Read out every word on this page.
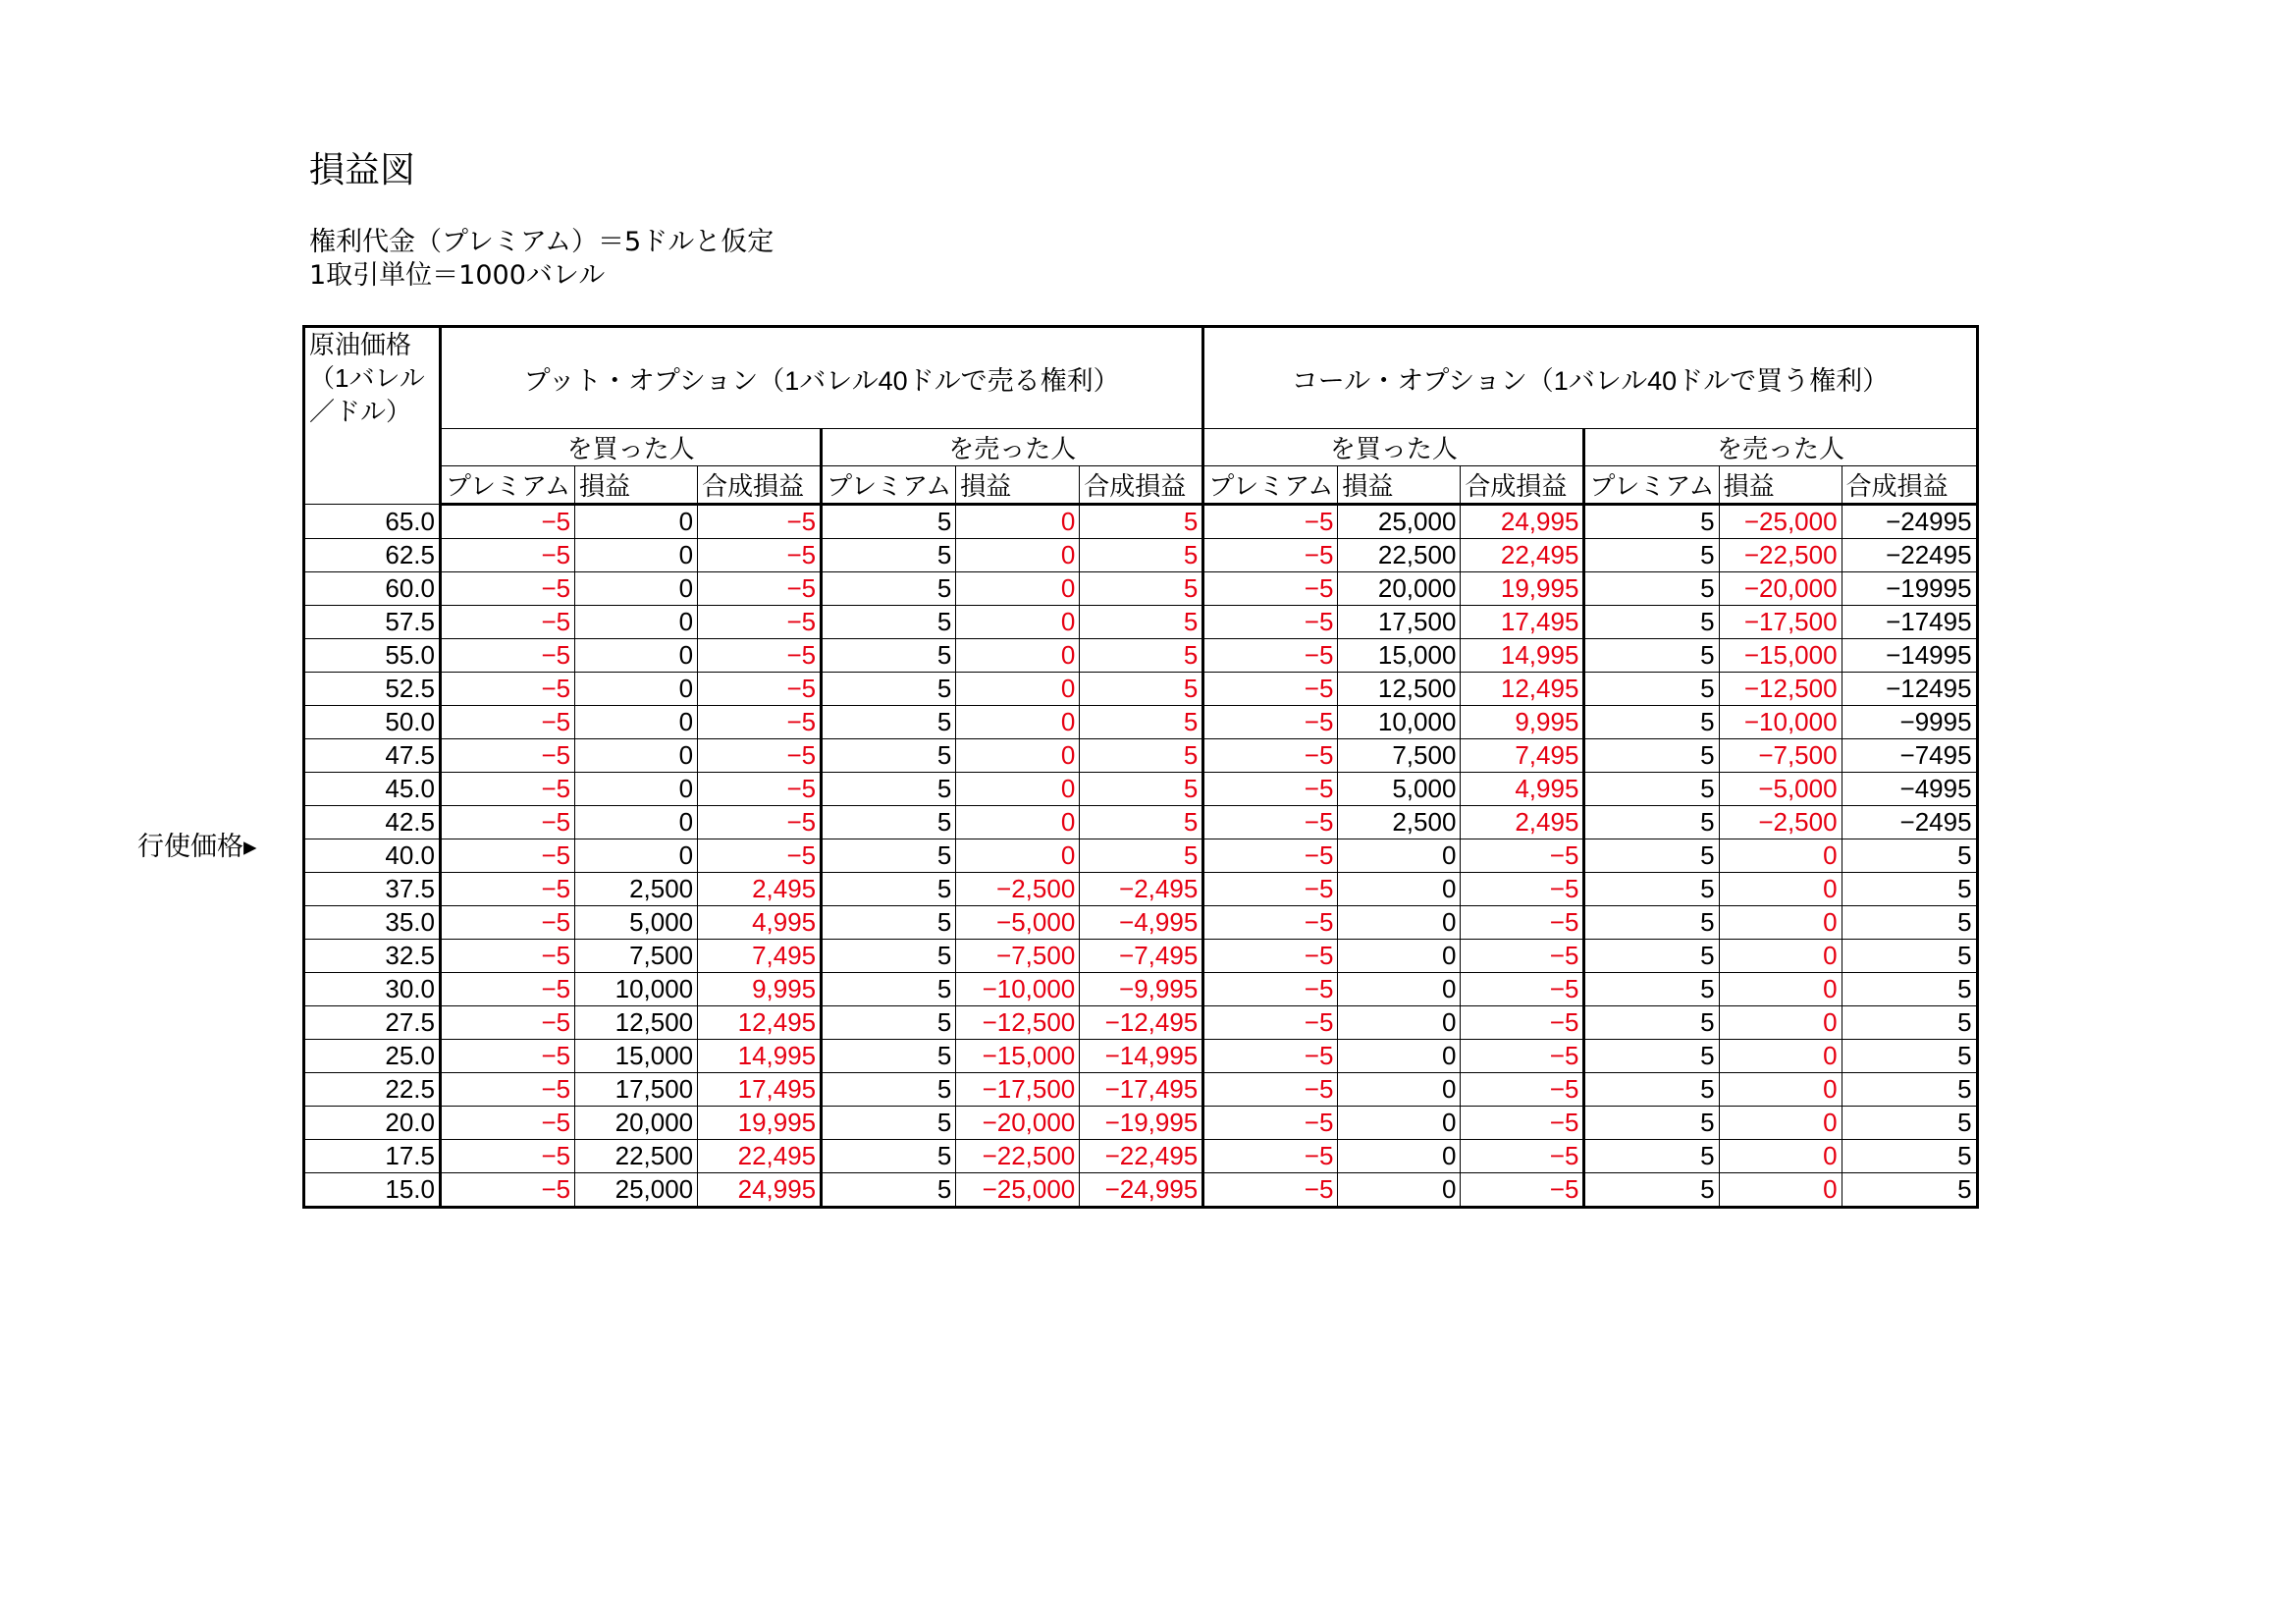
損益図
権利代金（プレミアム）＝5ドルと仮定
1取引単位＝1000バレル
行使価格▸
原油価格
（1バレル
／ドル）	プット・オプション（1バレル40ドルで売る権利）						コール・オプション（1バレル40ドルで買う権利）					
	を買った人			を売った人			を買った人			を売った人		
	プレミアム	損益	合成損益	プレミアム	損益	合成損益	プレミアム	損益	合成損益	プレミアム	損益	合成損益
65.0	−5	0	−5	5	0	5	−5	25,000	24,995	5	−25,000	−24995
62.5	−5	0	−5	5	0	5	−5	22,500	22,495	5	−22,500	−22495
60.0	−5	0	−5	5	0	5	−5	20,000	19,995	5	−20,000	−19995
57.5	−5	0	−5	5	0	5	−5	17,500	17,495	5	−17,500	−17495
55.0	−5	0	−5	5	0	5	−5	15,000	14,995	5	−15,000	−14995
52.5	−5	0	−5	5	0	5	−5	12,500	12,495	5	−12,500	−12495
50.0	−5	0	−5	5	0	5	−5	10,000	9,995	5	−10,000	−9995
47.5	−5	0	−5	5	0	5	−5	7,500	7,495	5	−7,500	−7495
45.0	−5	0	−5	5	0	5	−5	5,000	4,995	5	−5,000	−4995
42.5	−5	0	−5	5	0	5	−5	2,500	2,495	5	−2,500	−2495
40.0	−5	0	−5	5	0	5	−5	0	−5	5	0	5
37.5	−5	2,500	2,495	5	−2,500	−2,495	−5	0	−5	5	0	5
35.0	−5	5,000	4,995	5	−5,000	−4,995	−5	0	−5	5	0	5
32.5	−5	7,500	7,495	5	−7,500	−7,495	−5	0	−5	5	0	5
30.0	−5	10,000	9,995	5	−10,000	−9,995	−5	0	−5	5	0	5
27.5	−5	12,500	12,495	5	−12,500	−12,495	−5	0	−5	5	0	5
25.0	−5	15,000	14,995	5	−15,000	−14,995	−5	0	−5	5	0	5
22.5	−5	17,500	17,495	5	−17,500	−17,495	−5	0	−5	5	0	5
20.0	−5	20,000	19,995	5	−20,000	−19,995	−5	0	−5	5	0	5
17.5	−5	22,500	22,495	5	−22,500	−22,495	−5	0	−5	5	0	5
15.0	−5	25,000	24,995	5	−25,000	−24,995	−5	0	−5	5	0	5
